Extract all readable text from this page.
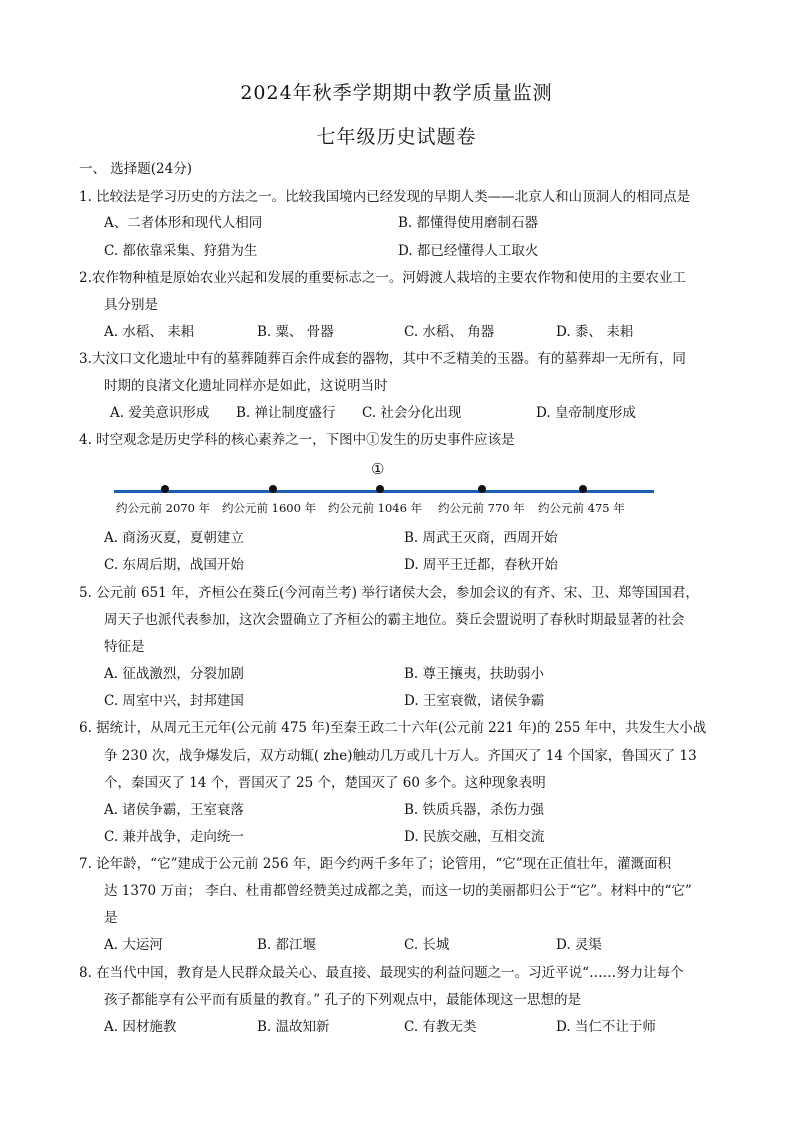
2024年秋季学期期中教学质量监测
七年级历史试题卷
一、 选择题(24分)
1. 比较法是学习历史的方法之一。比较我国境内已经发现的早期人类——北京人和山顶洞人的相同点是
A、二者体形和现代人相同	B. 都懂得使用磨制石器
C. 都依靠采集、狩猎为生	D. 都已经懂得人工取火
2.农作物种植是原始农业兴起和发展的重要标志之一。河姆渡人栽培的主要农作物和使用的主要农业工
具分别是
A. 水稻、 耒耜	B. 粟、 骨器	C. 水稻、 角器	D. 黍、 耒耜
3.大汶口文化遗址中有的墓葬随葬百余件成套的器物，其中不乏精美的玉器。有的墓葬却一无所有，同
时期的良渚文化遗址同样亦是如此，这说明当时
A. 爱美意识形成 B. 禅让制度盛行 C. 社会分化出现	D. 皇帝制度形成
4. 时空观念是历史学科的核心素养之一，下图中①发生的历史事件应该是
①
约公元前 2070 年 约公元前 1600 年 约公元前 1046 年 约公元前 770 年 约公元前 475 年
A. 商汤灭夏，夏朝建立	B. 周武王灭商，西周开始
C. 东周后期，战国开始	D. 周平王迁都，春秋开始
5. 公元前 651 年，齐桓公在葵丘(今河南兰考) 举行诸侯大会，参加会议的有齐、宋、卫、郑等国国君，
周天子也派代表参加，这次会盟确立了齐桓公的霸主地位。葵丘会盟说明了春秋时期最显著的社会
特征是
A. 征战激烈，分裂加剧	B. 尊王攘夷，扶助弱小
C. 周室中兴，封邦建国	D. 王室衰微，诸侯争霸
6. 据统计，从周元王元年(公元前 475 年)至秦王政二十六年(公元前 221 年)的 255 年中，共发生大小战
争 230 次，战争爆发后，双方动辄( zhe)触动几万或几十万人。齐国灭了 14 个国家，鲁国灭了 13
个，秦国灭了 14 个，晋国灭了 25 个，楚国灭了 60 多个。这种现象表明
A. 诸侯争霸，王室衰落	B. 铁质兵器，杀伤力强
C. 兼并战争，走向统一	D. 民族交融，互相交流
7. 论年龄，“它”建成于公元前 256 年，距今约两千多年了；论管用，“它”现在正值壮年，灌溉面积
达 1370 万亩； 李白、杜甫都曾经赞美过成都之美，而这一切的美丽都归公于“它”。材料中的“它”
是
A. 大运河	B. 都江堰	C. 长城	D. 灵渠
8. 在当代中国，教育是人民群众最关心、最直接、最现实的利益问题之一。习近平说“……努力让每个
孩子都能享有公平而有质量的教育。” 孔子的下列观点中，最能体现这一思想的是
A. 因材施教	B. 温故知新	C. 有教无类	D. 当仁不让于师
